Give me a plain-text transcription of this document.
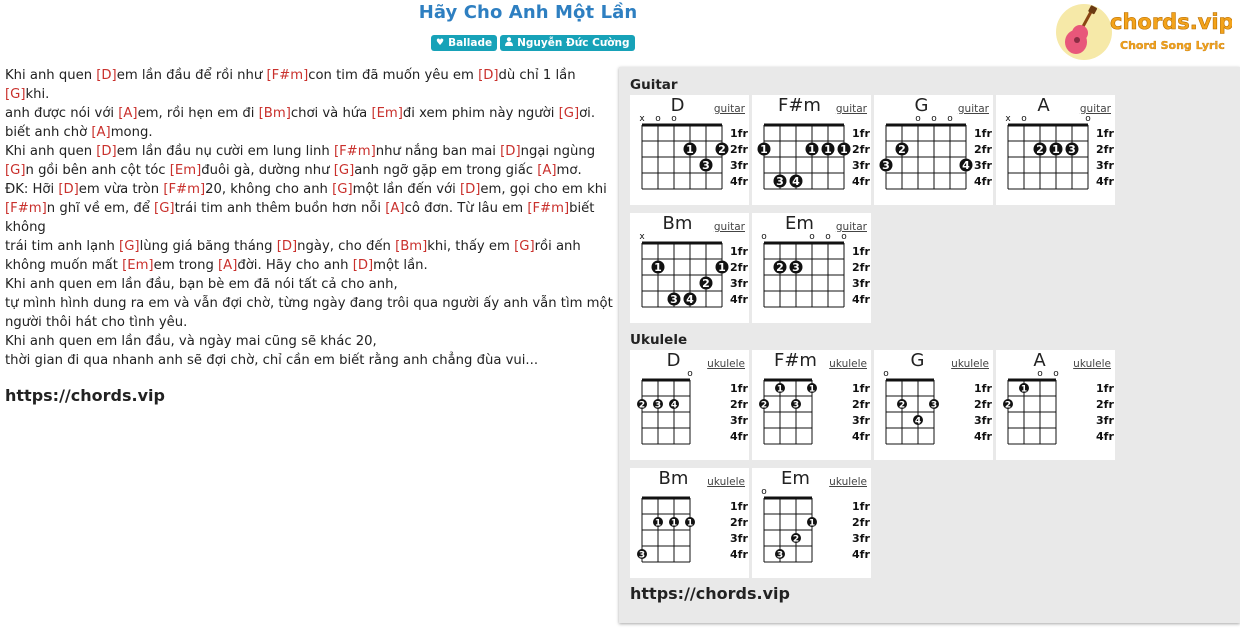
Hãy Cho Anh Một Lần
♥ Ballade Nguyễn Đức Cường
chords.vip
Chord Song Lyric
Khi anh quen [D]em lần đầu để rồi như [F#m]con tim đã muốn yêu em [D]dù chỉ 1 lần [G]khi.
anh được nói với [A]em, rồi hẹn em đi [Bm]chơi và hứa [Em]đi xem phim này người [G]ơi.
biết anh chờ [A]mong.
Khi anh quen [D]em lần đầu nụ cười em lung linh [F#m]như nắng ban mai [D]ngại ngùng
[G]n gồi bên anh cột tóc [Em]đuôi gà, dường như [G]anh ngỡ gặp em trong giấc [A]mơ.
ĐK: Hỡi [D]em vừa tròn [F#m]20, không cho anh [G]một lần đến với [D]em, gọi cho em khi
[F#m]n ghĩ về em, để [G]trái tim anh thêm buồn hơn nỗi [A]cô đơn. Từ lâu em [F#m]biết không
trái tim anh lạnh [G]lùng giá băng tháng [D]ngày, cho đến [Bm]khi, thấy em [G]rồi anh không muốn mất [Em]em trong [A]đời. Hãy cho anh [D]một lần.
Khi anh quen em lần đầu, bạn bè em đã nói tất cả cho anh,
tự mình hình dung ra em và vẫn đợi chờ, từng ngày đang trôi qua người ấy anh vẫn tìm một người thôi hát cho tình yêu.
Khi anh quen em lần đầu, và ngày mai cũng sẽ khác 20,
thời gian đi qua nhanh anh sẽ đợi chờ, chỉ cần em biết rằng anh chẳng đùa vui...
https://chords.vip
Guitar
Ukulele
https://chords.vip
1fr
2fr
3fr
4fr
x o o
1 2
3
D	guitar
1fr
2fr
3fr
4fr
1	1 1 1
3 4
F#m	guitar
1fr
2fr
3fr
4fr
o o o
2
3	4
G	guitar
1fr
2fr
3fr
4fr
x o	o
2 1 3
A	guitar
1fr
2fr
3fr
4fr
x
1	1
2
3 4
Bm	guitar
1fr
2fr
3fr
4fr
o	o o o
2 3
Em	guitar
1fr
2fr
3fr
4fr
o
2 3 4
D	ukulele
1fr
2fr
3fr
4fr
1	1
2	3
F#m	ukulele
1fr
2fr
3fr
4fr
o
2	3
4
G	ukulele
1fr
2fr
3fr
4fr
o o
1
2
A	ukulele
1fr
2fr
3fr
4fr
1 1 1
3
Bm	ukulele
1fr
2fr
3fr
4fr
o
1
2
3
Em	ukulele
